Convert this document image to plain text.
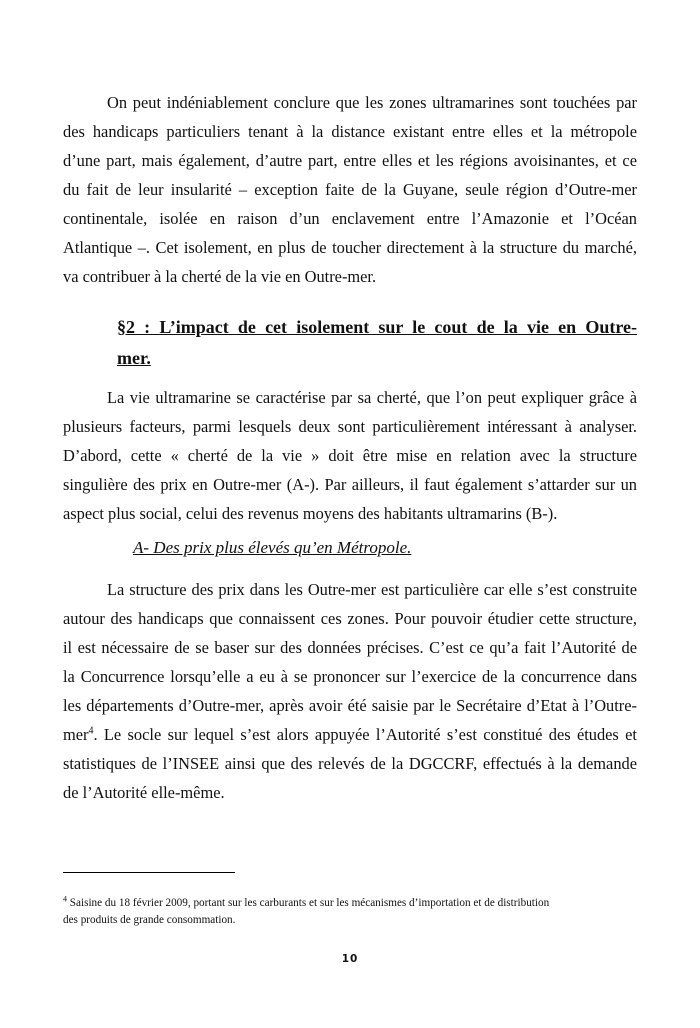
On peut indéniablement conclure que les zones ultramarines sont touchées par
des handicaps particuliers tenant à la distance existant entre elles et la métropole
d’une part, mais également, d’autre part, entre elles et les régions avoisinantes, et ce
du fait de leur insularité – exception faite de la Guyane, seule région d’Outre-mer
continentale, isolée en raison d’un enclavement entre l’Amazonie et l’Océan
Atlantique –. Cet isolement, en plus de toucher directement à la structure du marché,
va contribuer à la cherté de la vie en Outre-mer.
§2 : L’impact de cet isolement sur le cout de la vie en Outre-
mer.
La vie ultramarine se caractérise par sa cherté, que l’on peut expliquer grâce à
plusieurs facteurs, parmi lesquels deux sont particulièrement intéressant à analyser.
D’abord, cette « cherté de la vie » doit être mise en relation avec la structure
singulière des prix en Outre-mer (A-). Par ailleurs, il faut également s’attarder sur un
aspect plus social, celui des revenus moyens des habitants ultramarins (B-).
A- Des prix plus élevés qu’en Métropole.
La structure des prix dans les Outre-mer est particulière car elle s’est construite
autour des handicaps que connaissent ces zones. Pour pouvoir étudier cette structure,
il est nécessaire de se baser sur des données précises. C’est ce qu’a fait l’Autorité de
la Concurrence lorsqu’elle a eu à se prononcer sur l’exercice de la concurrence dans
les départements d’Outre-mer, après avoir été saisie par le Secrétaire d’Etat à l’Outre-
mer$^4$. Le socle sur lequel s’est alors appuyée l’Autorité s’est constitué des études et
statistiques de l’INSEE ainsi que des relevés de la DGCCRF, effectués à la demande
de l’Autorité elle-même.
$^4$ Saisine du 18 février 2009, portant sur les carburants et sur les mécanismes d’importation et de distribution
des produits de grande consommation.
10
